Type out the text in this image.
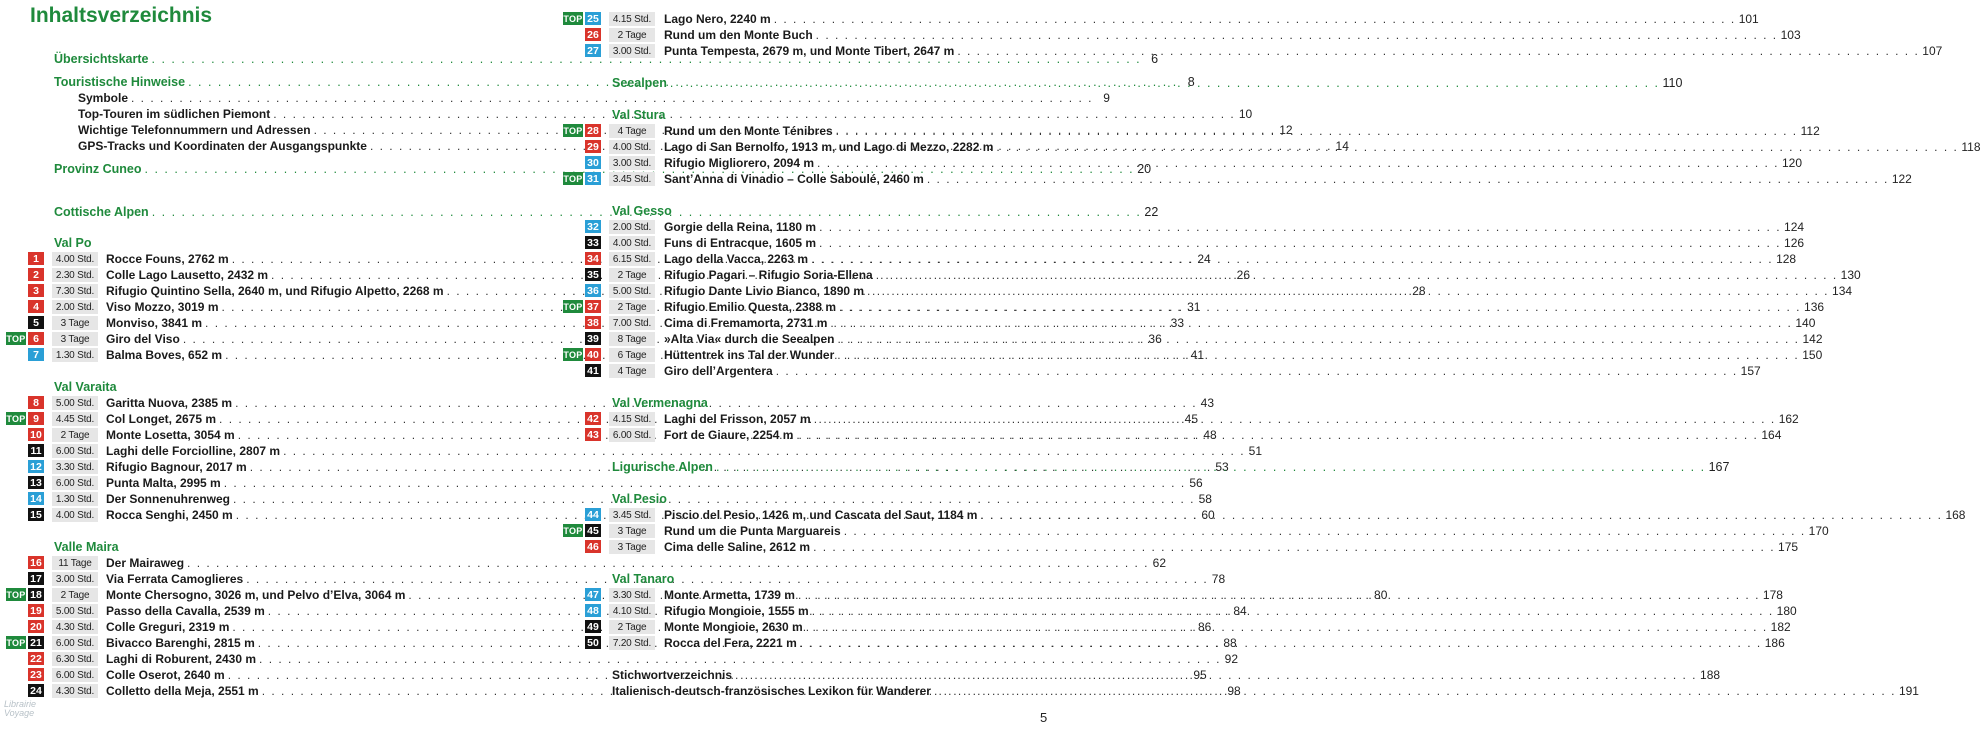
Inhaltsverzeichnis
5
Librairie
Voyage
Übersichtskarte . . .	6
Touristische Hinweise . . .	8
Symbole . . .	9
Top-Touren im südlichen Piemont . . .	10
Wichtige Telefonnummern und Adressen . . .	12
GPS-Tracks und Koordinaten der Ausgangspunkte . . .	14
Provinz Cuneo . . .	20
Cottische Alpen . . .	22
Val Po
1	4.00 Std. Rocce Founs, 2762 m . . .	24
2	2.30 Std. Colle Lago Lausetto, 2432 m . . .	26
3	7.30 Std. Rifugio Quintino Sella, 2640 m, und Rifugio Alpetto, 2268 m . . .	28
4	2.00 Std. Viso Mozzo, 3019 m . . .	31
5	3 Tage	Monviso, 3841 m . . .	33
TOP 6	3 Tage	Giro del Viso . . .	36
7	1.30 Std. Balma Boves, 652 m . . .	41
Val Varaita
8	5.00 Std. Garitta Nuova, 2385 m . . .	43
TOP 9	4.45 Std. Col Longet, 2675 m . . .	45
10	2 Tage	Monte Losetta, 3054 m . . .	48
11	6.00 Std. Laghi delle Forciolline, 2807 m . . .	51
12	3.30 Std. Rifugio Bagnour, 2017 m . . .	53
13	6.00 Std. Punta Malta, 2995 m . . .	56
14	1.30 Std. Der Sonnenuhrenweg . . .	58
15	4.00 Std. Rocca Senghi, 2450 m . . .	60
Valle Maira
16	11 Tage	Der Mairaweg . . .	62
17	3.00 Std. Via Ferrata Camoglieres . . .	78
TOP 18	2 Tage	Monte Chersogno, 3026 m, und Pelvo d’Elva, 3064 m . . .	80
19	5.00 Std. Passo della Cavalla, 2539 m . . .	84
20	4.30 Std. Colle Greguri, 2319 m . . .	86
TOP 21	6.00 Std. Bivacco Barenghi, 2815 m . . .	88
22	6.30 Std. Laghi di Roburent, 2430 m . . .	92
23	6.00 Std. Colle Oserot, 2640 m . . .	95
24	4.30 Std. Colletto della Meja, 2551 m . . .	98
TOP 25	4.15 Std.	Lago Nero, 2240 m . . .	101
26	2 Tage	Rund um den Monte Buch . . .	103
27	3.00 Std.	Punta Tempesta, 2679 m, und Monte Tibert, 2647 m . . .	107
Seealpen . . .	110
Val Stura
TOP 28	4 Tage	Rund um den Monte Ténibres . . .	112
29	4.00 Std.	Lago di San Bernolfo, 1913 m, und Lago di Mezzo, 2282 m . . .	118
30	3.00 Std.	Rifugio Migliorero, 2094 m . . .	120
TOP 31	3.45 Std.	Sant’Anna di Vinadio – Colle Saboulé, 2460 m . . .	122
Val Gesso
32	2.00 Std.	Gorgie della Reina, 1180 m . . .	124
33	4.00 Std.	Funs di Entracque, 1605 m . . .	126
34	6.15 Std.	Lago della Vacca, 2263 m . . .	128
35	2 Tage	Rifugio Pagari – Rifugio Soria-Ellena . . .	130
36	5.00 Std.	Rifugio Dante Livio Bianco, 1890 m . . .	134
TOP 37	2 Tage	Rifugio Emilio Questa, 2388 m . . .	136
38	7.00 Std.	Cima di Fremamorta, 2731 m . . .	140
39	8 Tage	»Alta Via« durch die Seealpen . . .	142
TOP 40	6 Tage	Hüttentrek ins Tal der Wunder . . .	150
41	4 Tage	Giro dell’Argentera . . .	157
Val Vermenagna
42	4.15 Std.	Laghi del Frisson, 2057 m . . .	162
43	6.00 Std.	Fort de Giaure, 2254 m . . .	164
Ligurische Alpen . . .	167
Val Pesio
44	3.45 Std.	Piscio del Pesio, 1426 m, und Cascata del Saut, 1184 m . . .	168
TOP 45	3 Tage	Rund um die Punta Marguareis . . .	170
46	3 Tage	Cima delle Saline, 2612 m . . .	175
Val Tanaro
47	3.30 Std.	Monte Armetta, 1739 m . . .	178
48	4.10 Std.	Rifugio Mongioie, 1555 m . . .	180
49	2 Tage	Monte Mongioie, 2630 m . . .	182
50	7.20 Std.	Rocca del Fera, 2221 m . . .	186
Stichwortverzeichnis . . .	188
Italienisch-deutsch-französisches Lexikon für Wanderer . . .	191
